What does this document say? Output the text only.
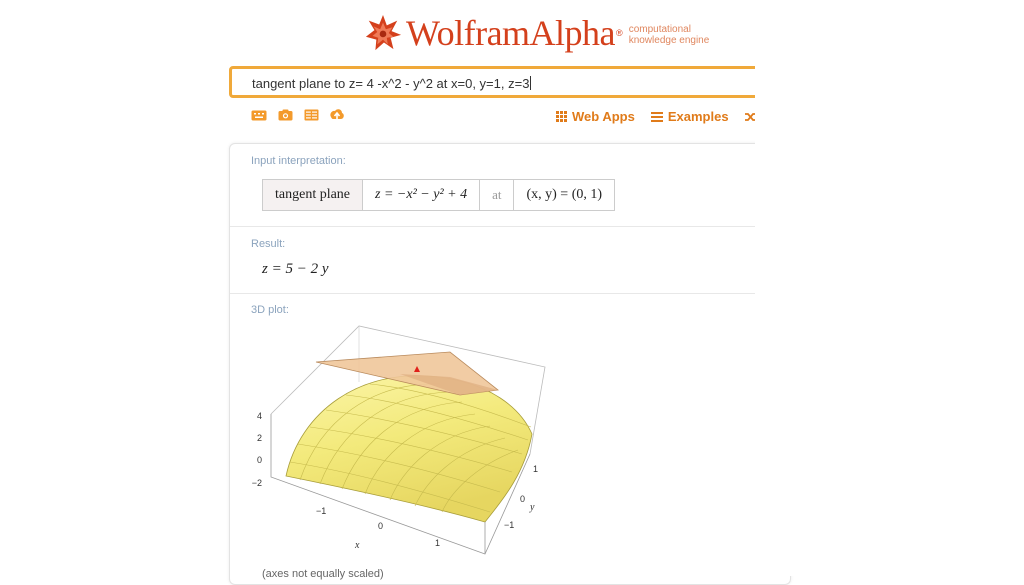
WolframAlpha ® computational
knowledge engine
tangent plane to z= 4 -x^2 - y^2 at x=0, y=1, z=3
Web Apps	Examples
Input interpretation:
tangent plane	z = −x² − y² + 4	at	(x, y) = (0, 1)
Result:
z = 5 − 2 y
3D plot:
4
2
0
−2
−1
0
1
x
1
0
−1
y
(axes not equally scaled)
